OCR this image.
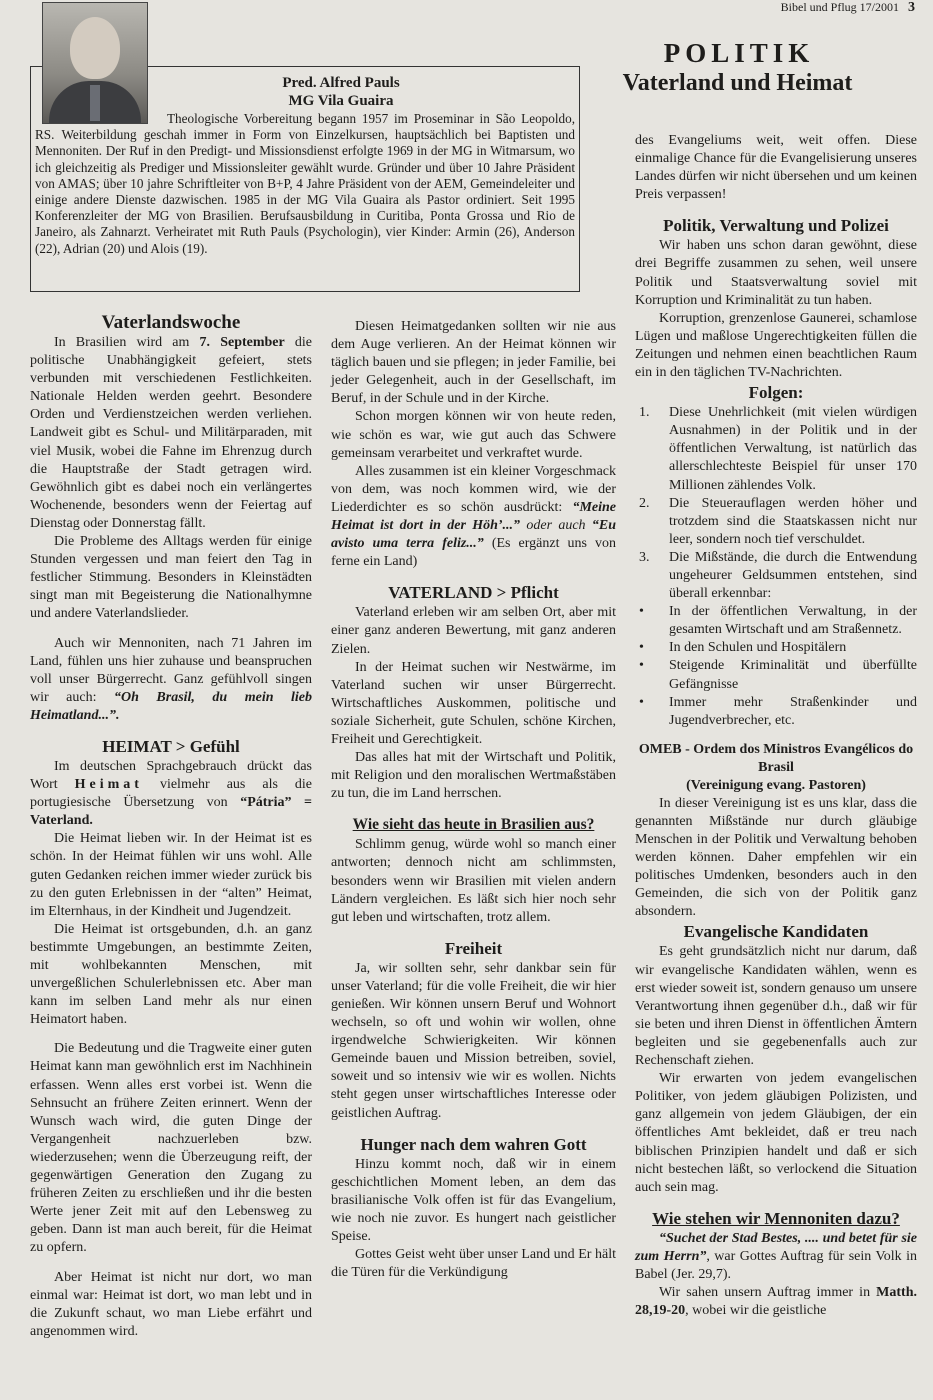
Bibel und Pflug 17/2001 3
POLITIK
Vaterland und Heimat
Pred. Alfred Pauls
MG Vila Guaira
Theologische Vorbereitung begann 1957 im Proseminar in São Leopoldo, RS. Weiterbildung geschah immer in Form von Einzelkursen, hauptsächlich bei Baptisten und Mennoniten. Der Ruf in den Predigt- und Missionsdienst erfolgte 1969 in der MG in Witmarsum, wo ich gleichzeitig als Prediger und Missionsleiter gewählt wurde. Gründer und über 10 Jahre Präsident von AMAS; über 10 jahre Schriftleiter von B+P, 4 Jahre Präsident von der AEM, Gemeindeleiter und einige andere Dienste dazwischen. 1985 in der MG Vila Guaira als Pastor ordiniert. Seit 1995 Konferenzleiter der MG von Brasilien. Berufsausbildung in Curitiba, Ponta Grossa und Rio de Janeiro, als Zahnarzt. Verheiratet mit Ruth Pauls (Psychologin), vier Kinder: Armin (26), Anderson (22), Adrian (20) und Alois (19).
Vaterlandswoche

In Brasilien wird am 7. September die politische Unabhängigkeit gefeiert, stets verbunden mit verschiedenen Festlichkeiten. Nationale Helden werden geehrt. Besondere Orden und Verdienstzeichen werden verliehen. Landweit gibt es Schul- und Militärparaden, mit viel Musik, wobei die Fahne im Ehrenzug durch die Hauptstraße der Stadt getragen wird. Gewöhnlich gibt es dabei noch ein verlängertes Wochenende, besonders wenn der Feiertag auf Dienstag oder Donnerstag fällt.

Die Probleme des Alltags werden für einige Stunden vergessen und man feiert den Tag in festlicher Stimmung. Besonders in Kleinstädten singt man mit Begeisterung die Nationalhymne und andere Vaterlandslieder.

Auch wir Mennoniten, nach 71 Jahren im Land, fühlen uns hier zuhause und beanspruchen voll unser Bürgerrecht. Ganz gefühlvoll singen wir auch: “Oh Brasil, du mein lieb Heimatland...”.

HEIMAT > Gefühl

Im deutschen Sprachgebrauch drückt das Wort Heimat vielmehr aus als die portugiesische Übersetzung von “Pátria” = Vaterland.

Die Heimat lieben wir. In der Heimat ist es schön. In der Heimat fühlen wir uns wohl. Alle guten Gedanken reichen immer wieder zurück bis zu den guten Erlebnissen in der “alten” Heimat, im Elternhaus, in der Kindheit und Jugendzeit.

Die Heimat ist ortsgebunden, d.h. an ganz bestimmte Umgebungen, an bestimmte Zeiten, mit wohlbekannten Menschen, mit unvergeßlichen Schulerlebnissen etc. Aber man kann im selben Land mehr als nur einen Heimatort haben.

Die Bedeutung und die Tragweite einer guten Heimat kann man gewöhnlich erst im Nachhinein erfassen. Wenn alles erst vorbei ist. Wenn die Sehnsucht an frühere Zeiten erinnert. Wenn der Wunsch wach wird, die guten Dinge der Vergangenheit nachzuerleben bzw. wiederzusehen; wenn die Überzeugung reift, der gegenwärtigen Generation den Zugang zu früheren Zeiten zu erschließen und ihr die besten Werte jener Zeit mit auf den Lebensweg zu geben. Dann ist man auch bereit, für die Heimat zu opfern.

Aber Heimat ist nicht nur dort, wo man einmal war: Heimat ist dort, wo man lebt und in die Zukunft schaut, wo man Liebe erfährt und angenommen wird.

Diesen Heimatgedanken sollten wir nie aus dem Auge verlieren. An der Heimat können wir täglich bauen und sie pflegen; in jeder Familie, bei jeder Gelegenheit, auch in der Gesellschaft, im Beruf, in der Schule und in der Kirche.

Schon morgen können wir von heute reden, wie schön es war, wie gut auch das Schwere gemeinsam verarbeitet und verkraftet wurde.

Alles zusammen ist ein kleiner Vorgeschmack von dem, was noch kommen wird, wie der Liederdichter es so schön ausdrückt: “Meine Heimat ist dort in der Höh’...” oder auch “Eu avisto uma terra feliz...” (Es ergänzt uns von ferne ein Land)

VATERLAND > Pflicht

Vaterland erleben wir am selben Ort, aber mit einer ganz anderen Bewertung, mit ganz anderen Zielen.

In der Heimat suchen wir Nestwärme, im Vaterland suchen wir unser Bürgerrecht. Wirtschaftliches Auskommen, politische und soziale Sicherheit, gute Schulen, schöne Kirchen, Freiheit und Gerechtigkeit.

Das alles hat mit der Wirtschaft und Politik, mit Religion und den moralischen Wertmaßstäben zu tun, die im Land herrschen.

Wie sieht das heute in Brasilien aus?

Schlimm genug, würde wohl so manch einer antworten; dennoch nicht am schlimmsten, besonders wenn wir Brasilien mit vielen andern Ländern vergleichen. Es läßt sich hier noch sehr gut leben und wirtschaften, trotz allem.

Freiheit

Ja, wir sollten sehr, sehr dankbar sein für unser Vaterland; für die volle Freiheit, die wir hier genießen. Wir können unsern Beruf und Wohnort wechseln, so oft und wohin wir wollen, ohne irgendwelche Schwierigkeiten. Wir können Gemeinde bauen und Mission betreiben, soviel, soweit und so intensiv wie wir es wollen. Nichts steht gegen unser wirtschaftliches Interesse oder geistlichen Auftrag.

Hunger nach dem wahren Gott

Hinzu kommt noch, daß wir in einem geschichtlichen Moment leben, an dem das brasilianische Volk offen ist für das Evangelium, wie noch nie zuvor. Es hungert nach geistlicher Speise.

Gottes Geist weht über unser Land und Er hält die Türen für die Verkündigung

des Evangeliums weit, weit offen. Diese einmalige Chance für die Evangelisierung unseres Landes dürfen wir nicht übersehen und um keinen Preis verpassen!

Politik, Verwaltung und Polizei

Wir haben uns schon daran gewöhnt, diese drei Begriffe zusammen zu sehen, weil unsere Politik und Staatsverwaltung soviel mit Korruption und Kriminalität zu tun haben.

Korruption, grenzenlose Gaunerei, schamlose Lügen und maßlose Ungerechtigkeiten füllen die Zeitungen und nehmen einen beachtlichen Raum ein in den täglichen TV-Nachrichten.

Folgen:
1. Diese Unehrlichkeit (mit vielen würdigen Ausnahmen) in der Politik und in der öffentlichen Verwaltung, ist natürlich das allerschlechteste Beispiel für unser 170 Millionen zählendes Volk.
2. Die Steuerauflagen werden höher und trotzdem sind die Staatskassen nicht nur leer, sondern noch tief verschuldet.
3. Die Mißstände, die durch die Entwendung ungeheurer Geldsummen entstehen, sind überall erkennbar:
• In der öffentlichen Verwaltung, in der gesamten Wirtschaft und am Straßennetz.
• In den Schulen und Hospitälern
• Steigende Kriminalität und überfüllte Gefängnisse
• Immer mehr Straßenkinder und Jugendverbrecher, etc.
OMEB - Ordem dos Ministros Evangélicos do Brasil
(Vereinigung evang. Pastoren)

In dieser Vereinigung ist es uns klar, dass die genannten Mißstände nur durch gläubige Menschen in der Politik und Verwaltung behoben werden können. Daher empfehlen wir ein politisches Umdenken, besonders auch in den Gemeinden, die sich von der Politik ganz absondern.

Evangelische Kandidaten

Es geht grundsätzlich nicht nur darum, daß wir evangelische Kandidaten wählen, wenn es erst wieder soweit ist, sondern genauso um unsere Verantwortung ihnen gegenüber d.h., daß wir für sie beten und ihren Dienst in öffentlichen Ämtern begleiten und sie gegebenenfalls auch zur Rechenschaft ziehen.

Wir erwarten von jedem evangelischen Politiker, von jedem gläubigen Polizisten, und ganz allgemein von jedem Gläubigen, der ein öffentliches Amt bekleidet, daß er treu nach biblischen Prinzipien handelt und daß er sich nicht bestechen läßt, so verlockend die Situation auch sein mag.

Wie stehen wir Mennoniten dazu?

“Suchet der Stad Bestes, .... und betet für sie zum Herrn”, war Gottes Auftrag für sein Volk in Babel (Jer. 29,7).

Wir sahen unsern Auftrag immer in Matth. 28,19-20, wobei wir die geistliche
